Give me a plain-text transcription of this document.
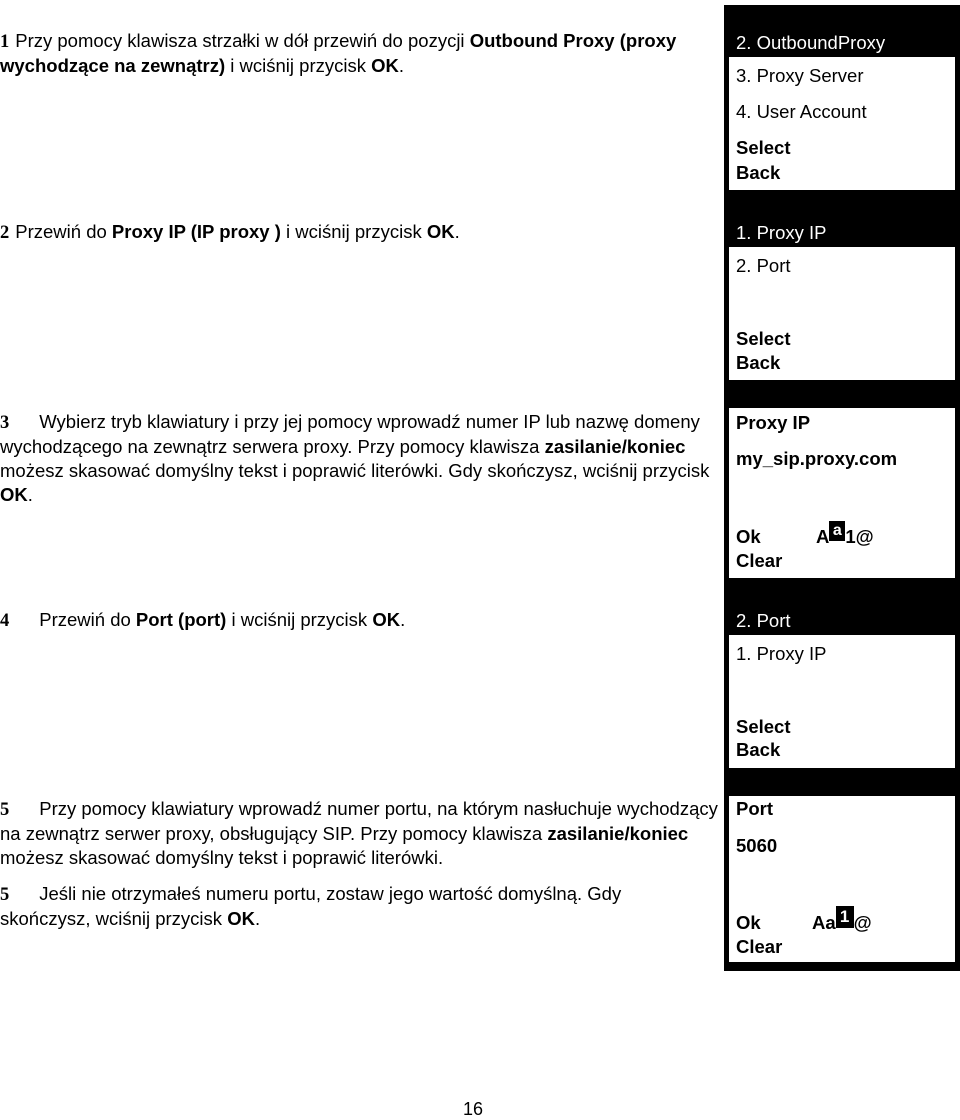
1 Przy pomocy klawisza strzałki w dół przewiń do pozycji Outbound Proxy (proxy wychodzące na zewnątrz) i wciśnij przycisk OK.
2 Przewiń do Proxy IP (IP proxy ) i wciśnij przycisk OK.
3 Wybierz tryb klawiatury i przy jej pomocy wprowadź numer IP lub nazwę domeny wychodzącego na zewnątrz serwera proxy. Przy pomocy klawisza zasilanie/koniec możesz skasować domyślny tekst i poprawić literówki. Gdy skończysz, wciśnij przycisk OK.
4 Przewiń do Port (port) i wciśnij przycisk OK.
5 Przy pomocy klawiatury wprowadź numer portu, na którym nasłuchuje wychodzący na zewnątrz serwer proxy, obsługujący SIP. Przy pomocy klawisza zasilanie/koniec możesz skasować domyślny tekst i poprawić literówki.
5 Jeśli nie otrzymałeś numeru portu, zostaw jego wartość domyślną. Gdy skończysz, wciśnij przycisk OK.
2. OutboundProxy
3. Proxy Server
4. User Account
Select
Back
1. Proxy IP
2. Port
Select
Back
Proxy IP
my_sip.proxy.com
Ok
Clear
A a 1@
2. Port
1. Proxy IP
Select
Back
Port
5060
Ok
Clear
Aa 1 @
16
